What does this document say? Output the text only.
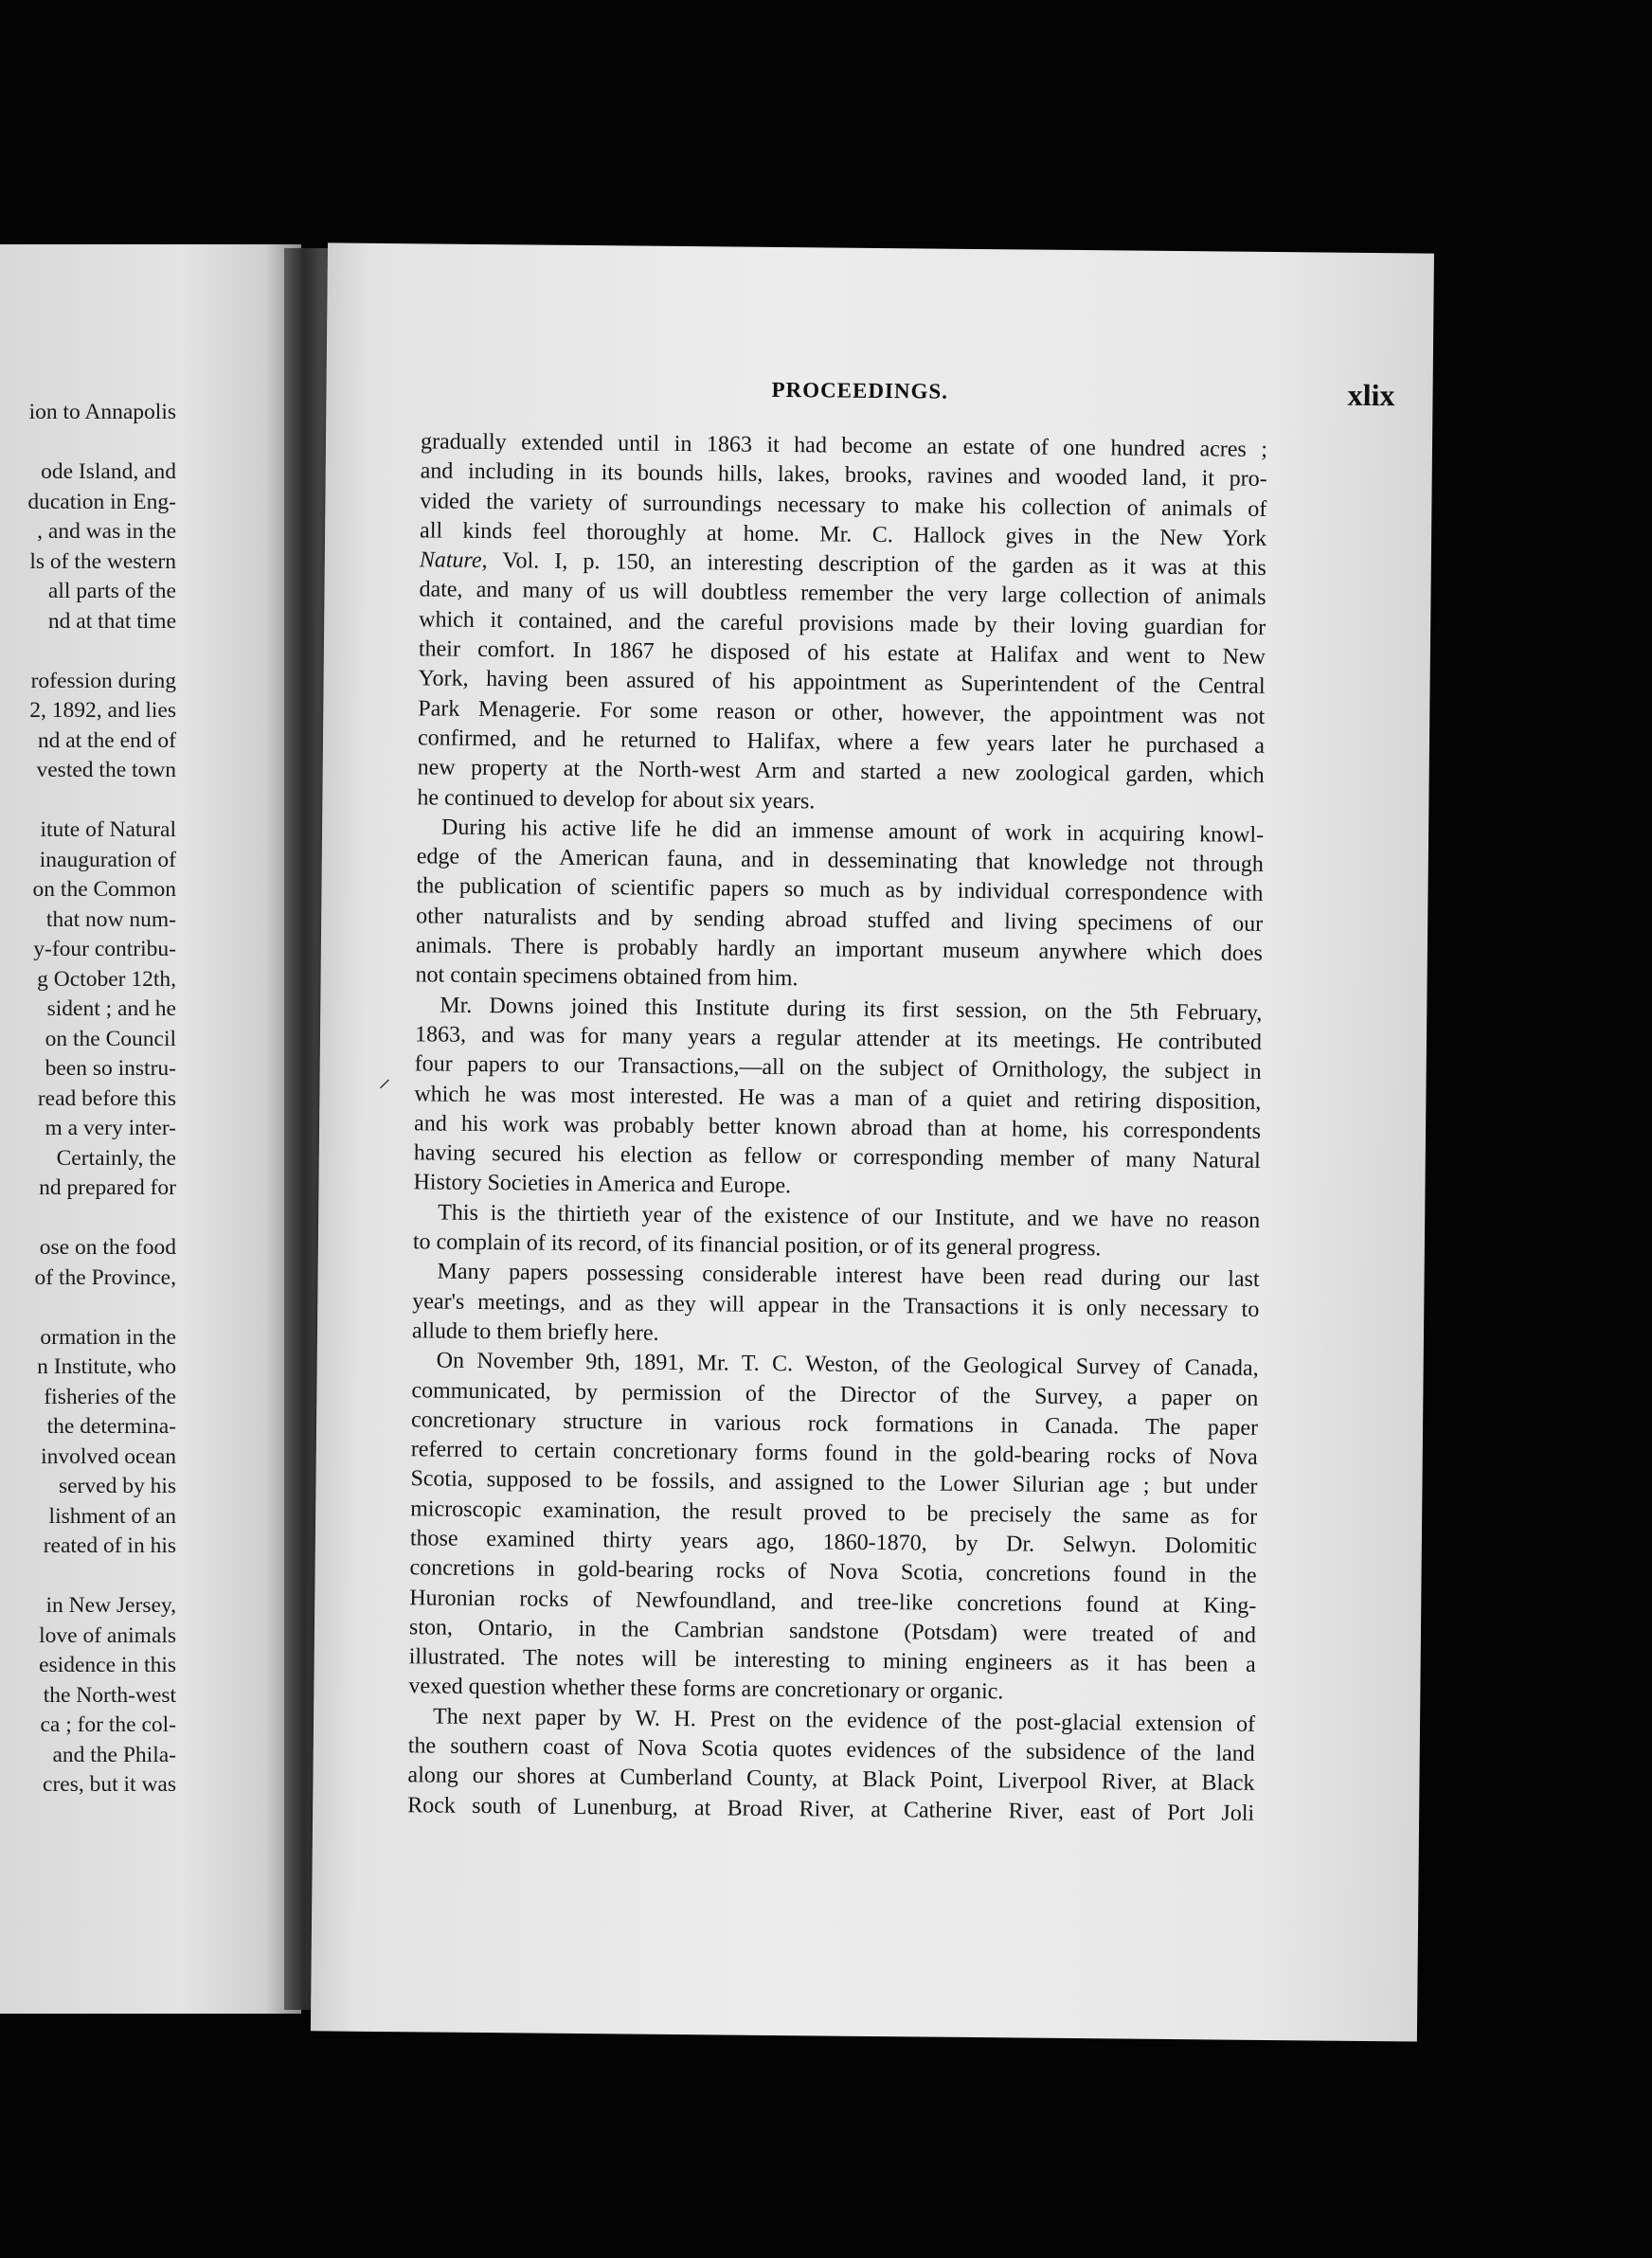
ion to Annapolis
ode Island, and
ducation in Eng-
, and was in the
ls of the western
all parts of the
nd at that time
rofession during
2, 1892, and lies
nd at the end of
vested the town
itute of Natural
inauguration of
on the Common
that now num-
y-four contribu-
g October 12th,
sident ; and he
on the Council
been so instru-
read before this
m a very inter-
Certainly, the
nd prepared for
ose on the food
of the Province,
ormation in the
n Institute, who
fisheries of the
the determina-
involved ocean
served by his
lishment of an
reated of in his
in New Jersey,
love of animals
esidence in this
the North-west
ca ; for the col-
and the Phila-
cres, but it was
PROCEEDINGS.	xlix
gradually extended until in 1863 it had become an estate of one hundred acres ;
and including in its bounds hills, lakes, brooks, ravines and wooded land, it pro-
vided the variety of surroundings necessary to make his collection of animals of
all kinds feel thoroughly at home. Mr. C. Hallock gives in the New York
Nature, Vol. I, p. 150, an interesting description of the garden as it was at this
date, and many of us will doubtless remember the very large collection of animals
which it contained, and the careful provisions made by their loving guardian for
their comfort. In 1867 he disposed of his estate at Halifax and went to New
York, having been assured of his appointment as Superintendent of the Central
Park Menagerie. For some reason or other, however, the appointment was not
confirmed, and he returned to Halifax, where a few years later he purchased a
new property at the North-west Arm and started a new zoological garden, which
he continued to develop for about six years.
During his active life he did an immense amount of work in acquiring knowl-
edge of the American fauna, and in desseminating that knowledge not through
the publication of scientific papers so much as by individual correspondence with
other naturalists and by sending abroad stuffed and living specimens of our
animals. There is probably hardly an important museum anywhere which does
not contain specimens obtained from him.
Mr. Downs joined this Institute during its first session, on the 5th February,
1863, and was for many years a regular attender at its meetings. He contributed
four papers to our Transactions,—all on the subject of Ornithology, the subject in
which he was most interested. He was a man of a quiet and retiring disposition,
and his work was probably better known abroad than at home, his correspondents
having secured his election as fellow or corresponding member of many Natural
History Societies in America and Europe.
This is the thirtieth year of the existence of our Institute, and we have no reason
to complain of its record, of its financial position, or of its general progress.
Many papers possessing considerable interest have been read during our last
year's meetings, and as they will appear in the Transactions it is only necessary to
allude to them briefly here.
On November 9th, 1891, Mr. T. C. Weston, of the Geological Survey of Canada,
communicated, by permission of the Director of the Survey, a paper on
concretionary structure in various rock formations in Canada. The paper
referred to certain concretionary forms found in the gold-bearing rocks of Nova
Scotia, supposed to be fossils, and assigned to the Lower Silurian age ; but under
microscopic examination, the result proved to be precisely the same as for
those examined thirty years ago, 1860-1870, by Dr. Selwyn. Dolomitic
concretions in gold-bearing rocks of Nova Scotia, concretions found in the
Huronian rocks of Newfoundland, and tree-like concretions found at King-
ston, Ontario, in the Cambrian sandstone (Potsdam) were treated of and
illustrated. The notes will be interesting to mining engineers as it has been a
vexed question whether these forms are concretionary or organic.
The next paper by W. H. Prest on the evidence of the post-glacial extension of
the southern coast of Nova Scotia quotes evidences of the subsidence of the land
along our shores at Cumberland County, at Black Point, Liverpool River, at Black
Rock south of Lunenburg, at Broad River, at Catherine River, east of Port Joli
⸝
